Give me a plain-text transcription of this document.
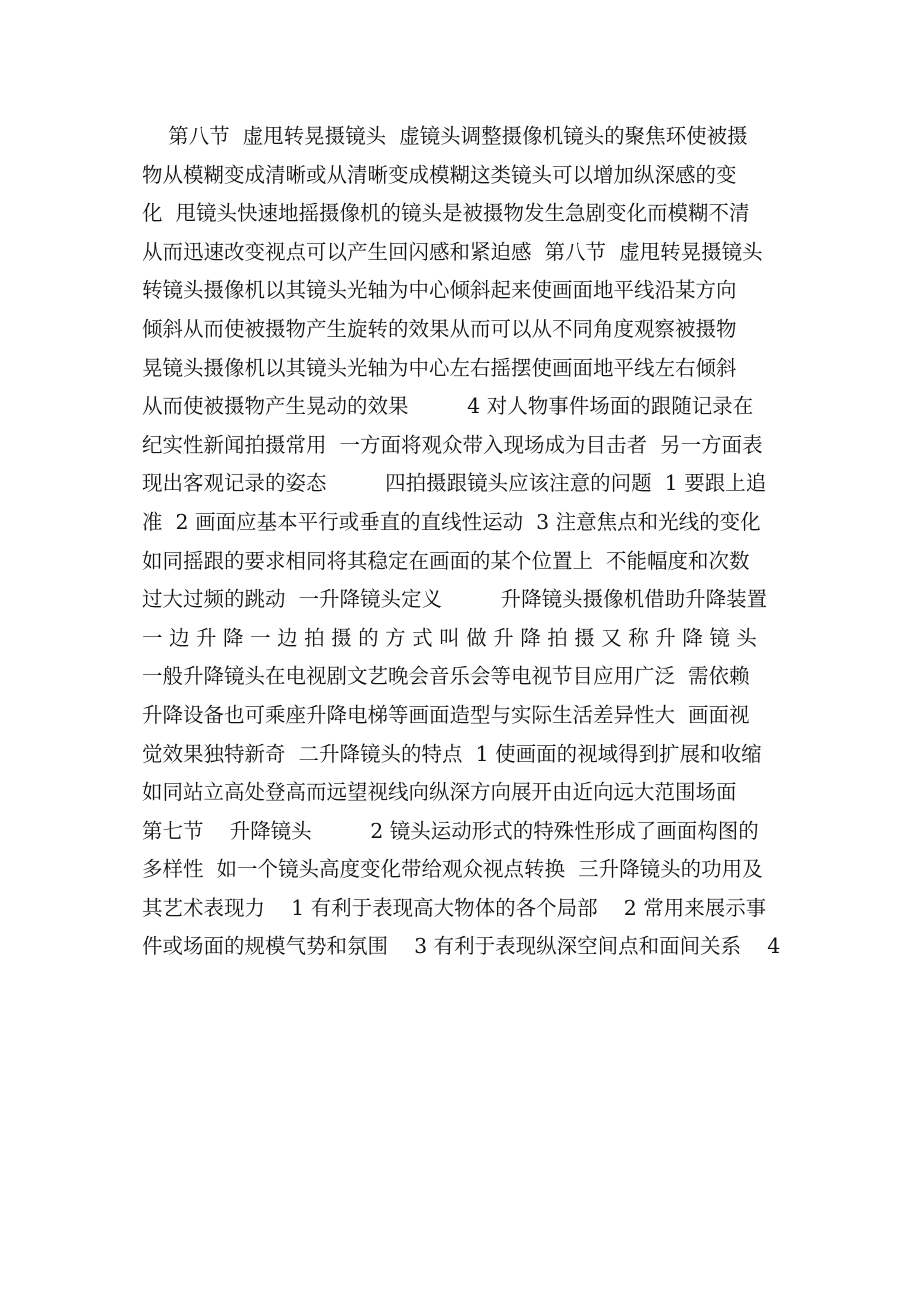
第八节  虚甩转晃摄镜头  虚镜头调整摄像机镜头的聚焦环使被摄
物从模糊变成清晰或从清晰变成模糊这类镜头可以增加纵深感的变
化  甩镜头快速地摇摄像机的镜头是被摄物发生急剧变化而模糊不清
从而迅速改变视点可以产生回闪感和紧迫感  第八节  虚甩转晃摄镜头
转镜头摄像机以其镜头光轴为中心倾斜起来使画面地平线沿某方向
倾斜从而使被摄物产生旋转的效果从而可以从不同角度观察被摄物
晃镜头摄像机以其镜头光轴为中心左右摇摆使画面地平线左右倾斜
从而使被摄物产生晃动的效果         4 对人物事件场面的跟随记录在
纪实性新闻拍摄常用  一方面将观众带入现场成为目击者  另一方面表
现出客观记录的姿态         四拍摄跟镜头应该注意的问题  1 要跟上追
准  2 画面应基本平行或垂直的直线性运动  3 注意焦点和光线的变化
如同摇跟的要求相同将其稳定在画面的某个位置上  不能幅度和次数
过大过频的跳动  一升降镜头定义         升降镜头摄像机借助升降装置
一 边 升 降 一 边 拍 摄 的 方 式 叫 做 升 降 拍 摄 又 称 升 降 镜 头
一般升降镜头在电视剧文艺晚会音乐会等电视节目应用广泛  需依赖
升降设备也可乘座升降电梯等画面造型与实际生活差异性大  画面视
觉效果独特新奇  二升降镜头的特点  1 使画面的视域得到扩展和收缩
如同站立高处登高而远望视线向纵深方向展开由近向远大范围场面
第七节    升降镜头         2 镜头运动形式的特殊性形成了画面构图的
多样性  如一个镜头高度变化带给观众视点转换  三升降镜头的功用及
其艺术表现力    1 有利于表现高大物体的各个局部    2 常用来展示事
件或场面的规模气势和氛围    3 有利于表现纵深空间点和面间关系    4
